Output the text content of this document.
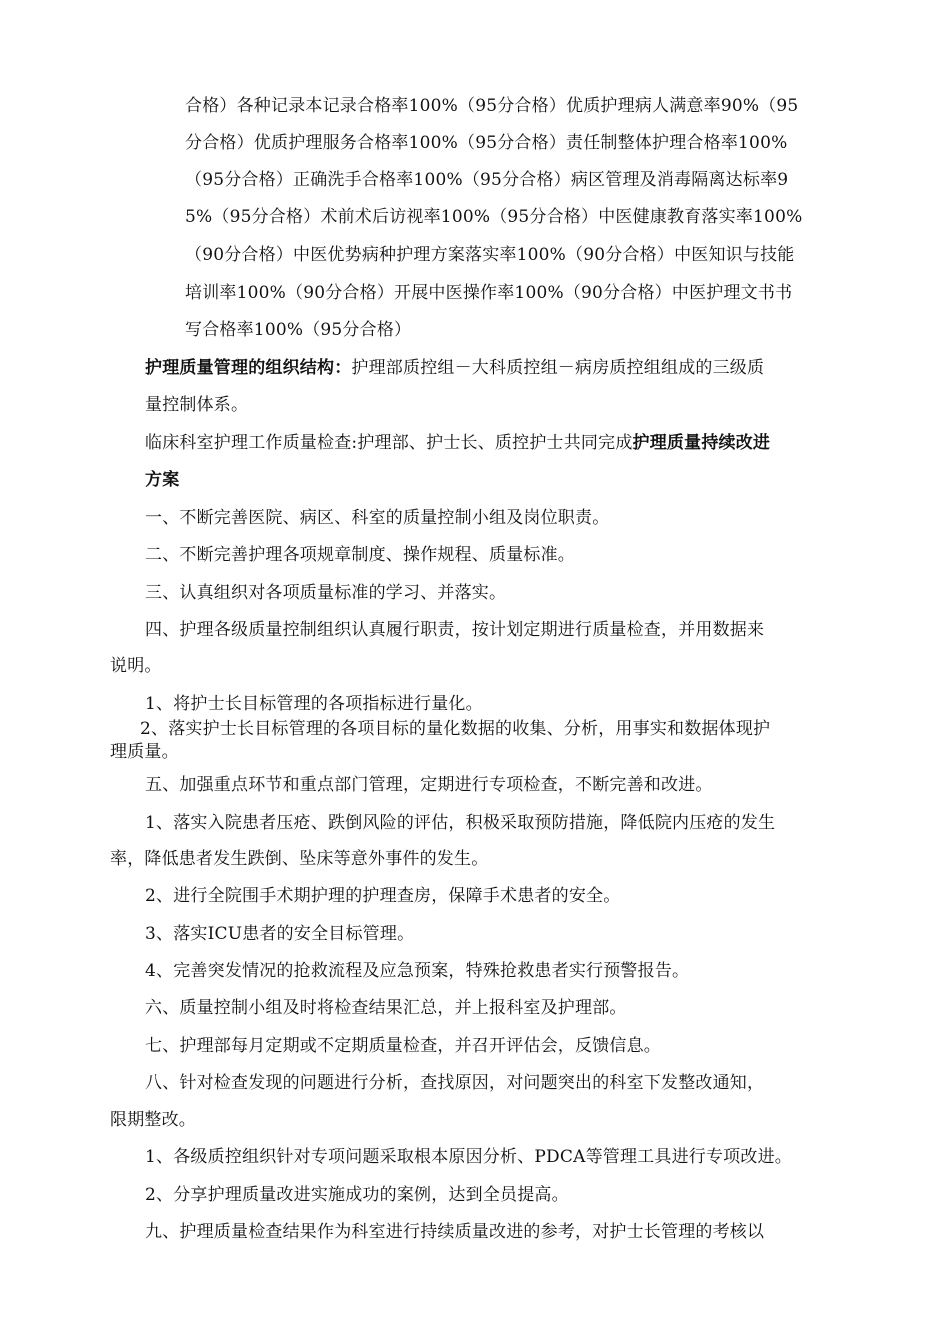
合格）各种记录本记录合格率100%（95分合格）优质护理病人满意率90%（95
分合格）优质护理服务合格率100%（95分合格）责任制整体护理合格率100%
（95分合格）正确洗手合格率100%（95分合格）病区管理及消毒隔离达标率9
5%（95分合格）术前术后访视率100%（95分合格）中医健康教育落实率100%
（90分合格）中医优势病种护理方案落实率100%（90分合格）中医知识与技能
培训率100%（90分合格）开展中医操作率100%（90分合格）中医护理文书书
写合格率100%（95分合格）
护理质量管理的组织结构：护理部质控组－大科质控组－病房质控组组成的三级质
量控制体系。
临床科室护理工作质量检查:护理部、护士长、质控护士共同完成护理质量持续改进
方案
一、不断完善医院、病区、科室的质量控制小组及岗位职责。
二、不断完善护理各项规章制度、操作规程、质量标准。
三、认真组织对各项质量标准的学习、并落实。
四、护理各级质量控制组织认真履行职责，按计划定期进行质量检查，并用数据来
说明。
1、将护士长目标管理的各项指标进行量化。
2、落实护士长目标管理的各项目标的量化数据的收集、分析，用事实和数据体现护
理质量。
五、加强重点环节和重点部门管理，定期进行专项检查，不断完善和改进。
1、落实入院患者压疮、跌倒风险的评估，积极采取预防措施，降低院内压疮的发生
率，降低患者发生跌倒、坠床等意外事件的发生。
2、进行全院围手术期护理的护理查房，保障手术患者的安全。
3、落实ICU患者的安全目标管理。
4、完善突发情况的抢救流程及应急预案，特殊抢救患者实行预警报告。
六、质量控制小组及时将检查结果汇总，并上报科室及护理部。
七、护理部每月定期或不定期质量检查，并召开评估会，反馈信息。
八、针对检查发现的问题进行分析，查找原因，对问题突出的科室下发整改通知，
限期整改。
1、各级质控组织针对专项问题采取根本原因分析、PDCA等管理工具进行专项改进。
2、分享护理质量改进实施成功的案例，达到全员提高。
九、护理质量检查结果作为科室进行持续质量改进的参考，对护士长管理的考核以
